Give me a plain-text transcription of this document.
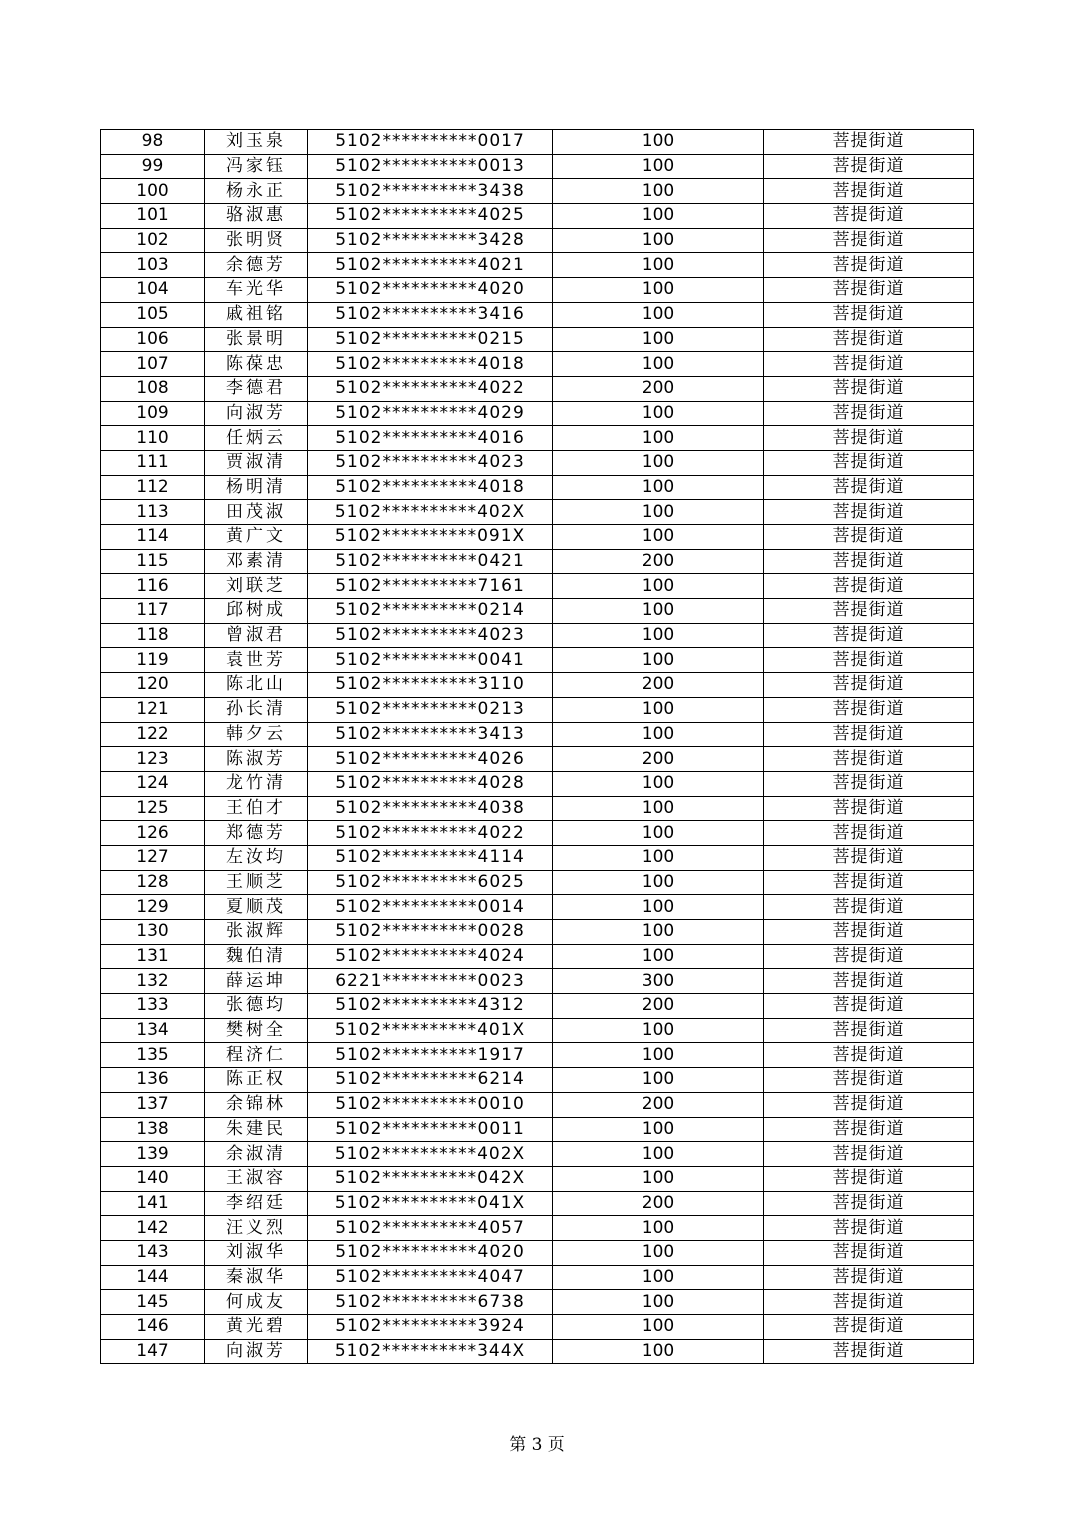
98	刘玉泉	5102**********0017	100	菩提街道
99	冯家钰	5102**********0013	100	菩提街道
100	杨永正	5102**********3438	100	菩提街道
101	骆淑惠	5102**********4025	100	菩提街道
102	张明贤	5102**********3428	100	菩提街道
103	余德芳	5102**********4021	100	菩提街道
104	车光华	5102**********4020	100	菩提街道
105	戚祖铭	5102**********3416	100	菩提街道
106	张景明	5102**********0215	100	菩提街道
107	陈葆忠	5102**********4018	100	菩提街道
108	李德君	5102**********4022	200	菩提街道
109	向淑芳	5102**********4029	100	菩提街道
110	任炳云	5102**********4016	100	菩提街道
111	贾淑清	5102**********4023	100	菩提街道
112	杨明清	5102**********4018	100	菩提街道
113	田茂淑	5102**********402X	100	菩提街道
114	黄广文	5102**********091X	100	菩提街道
115	邓素清	5102**********0421	200	菩提街道
116	刘联芝	5102**********7161	100	菩提街道
117	邱树成	5102**********0214	100	菩提街道
118	曾淑君	5102**********4023	100	菩提街道
119	袁世芳	5102**********0041	100	菩提街道
120	陈北山	5102**********3110	200	菩提街道
121	孙长清	5102**********0213	100	菩提街道
122	韩夕云	5102**********3413	100	菩提街道
123	陈淑芳	5102**********4026	200	菩提街道
124	龙竹清	5102**********4028	100	菩提街道
125	王伯才	5102**********4038	100	菩提街道
126	郑德芳	5102**********4022	100	菩提街道
127	左汝均	5102**********4114	100	菩提街道
128	王顺芝	5102**********6025	100	菩提街道
129	夏顺茂	5102**********0014	100	菩提街道
130	张淑辉	5102**********0028	100	菩提街道
131	魏伯清	5102**********4024	100	菩提街道
132	薛运坤	6221**********0023	300	菩提街道
133	张德均	5102**********4312	200	菩提街道
134	樊树全	5102**********401X	100	菩提街道
135	程济仁	5102**********1917	100	菩提街道
136	陈正权	5102**********6214	100	菩提街道
137	余锦林	5102**********0010	200	菩提街道
138	朱建民	5102**********0011	100	菩提街道
139	余淑清	5102**********402X	100	菩提街道
140	王淑容	5102**********042X	100	菩提街道
141	李绍廷	5102**********041X	200	菩提街道
142	汪义烈	5102**********4057	100	菩提街道
143	刘淑华	5102**********4020	100	菩提街道
144	秦淑华	5102**********4047	100	菩提街道
145	何成友	5102**********6738	100	菩提街道
146	黄光碧	5102**********3924	100	菩提街道
147	向淑芳	5102**********344X	100	菩提街道
第 3 页
